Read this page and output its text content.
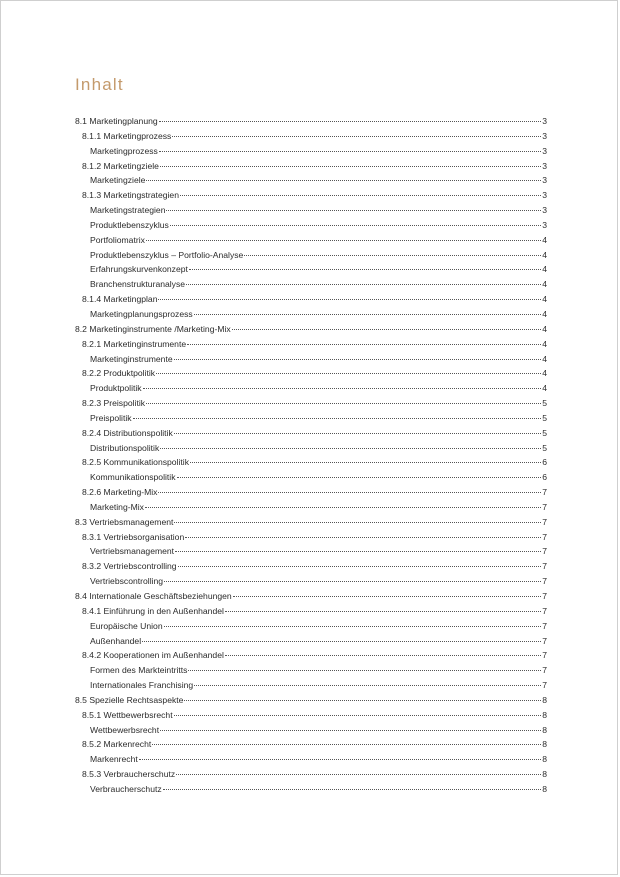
Inhalt
8.1 Marketingplanung	3
8.1.1 Marketingprozess	3
Marketingprozess	3
8.1.2 Marketingziele	3
Marketingziele	3
8.1.3 Marketingstrategien	3
Marketingstrategien	3
Produktlebenszyklus	3
Portfoliomatrix	4
Produktlebenszyklus – Portfolio-Analyse	4
Erfahrungskurvenkonzept	4
Branchenstrukturanalyse	4
8.1.4 Marketingplan	4
Marketingplanungsprozess	4
8.2 Marketinginstrumente /Marketing-Mix	4
8.2.1 Marketinginstrumente	4
Marketinginstrumente	4
8.2.2 Produktpolitik	4
Produktpolitik	4
8.2.3 Preispolitik	5
Preispolitik	5
8.2.4 Distributionspolitik	5
Distributionspolitik	5
8.2.5 Kommunikationspolitik	6
Kommunikationspolitik	6
8.2.6 Marketing-Mix	7
Marketing-Mix	7
8.3 Vertriebsmanagement	7
8.3.1 Vertriebsorganisation	7
Vertriebsmanagement	7
8.3.2 Vertriebscontrolling	7
Vertriebscontrolling	7
8.4 Internationale Geschäftsbeziehungen	7
8.4.1 Einführung in den Außenhandel	7
Europäische Union	7
Außenhandel	7
8.4.2 Kooperationen im Außenhandel	7
Formen des Markteintritts	7
Internationales Franchising	7
8.5 Spezielle Rechtsaspekte	8
8.5.1 Wettbewerbsrecht	8
Wettbewerbsrecht	8
8.5.2 Markenrecht	8
Markenrecht	8
8.5.3 Verbraucherschutz	8
Verbraucherschutz	8
